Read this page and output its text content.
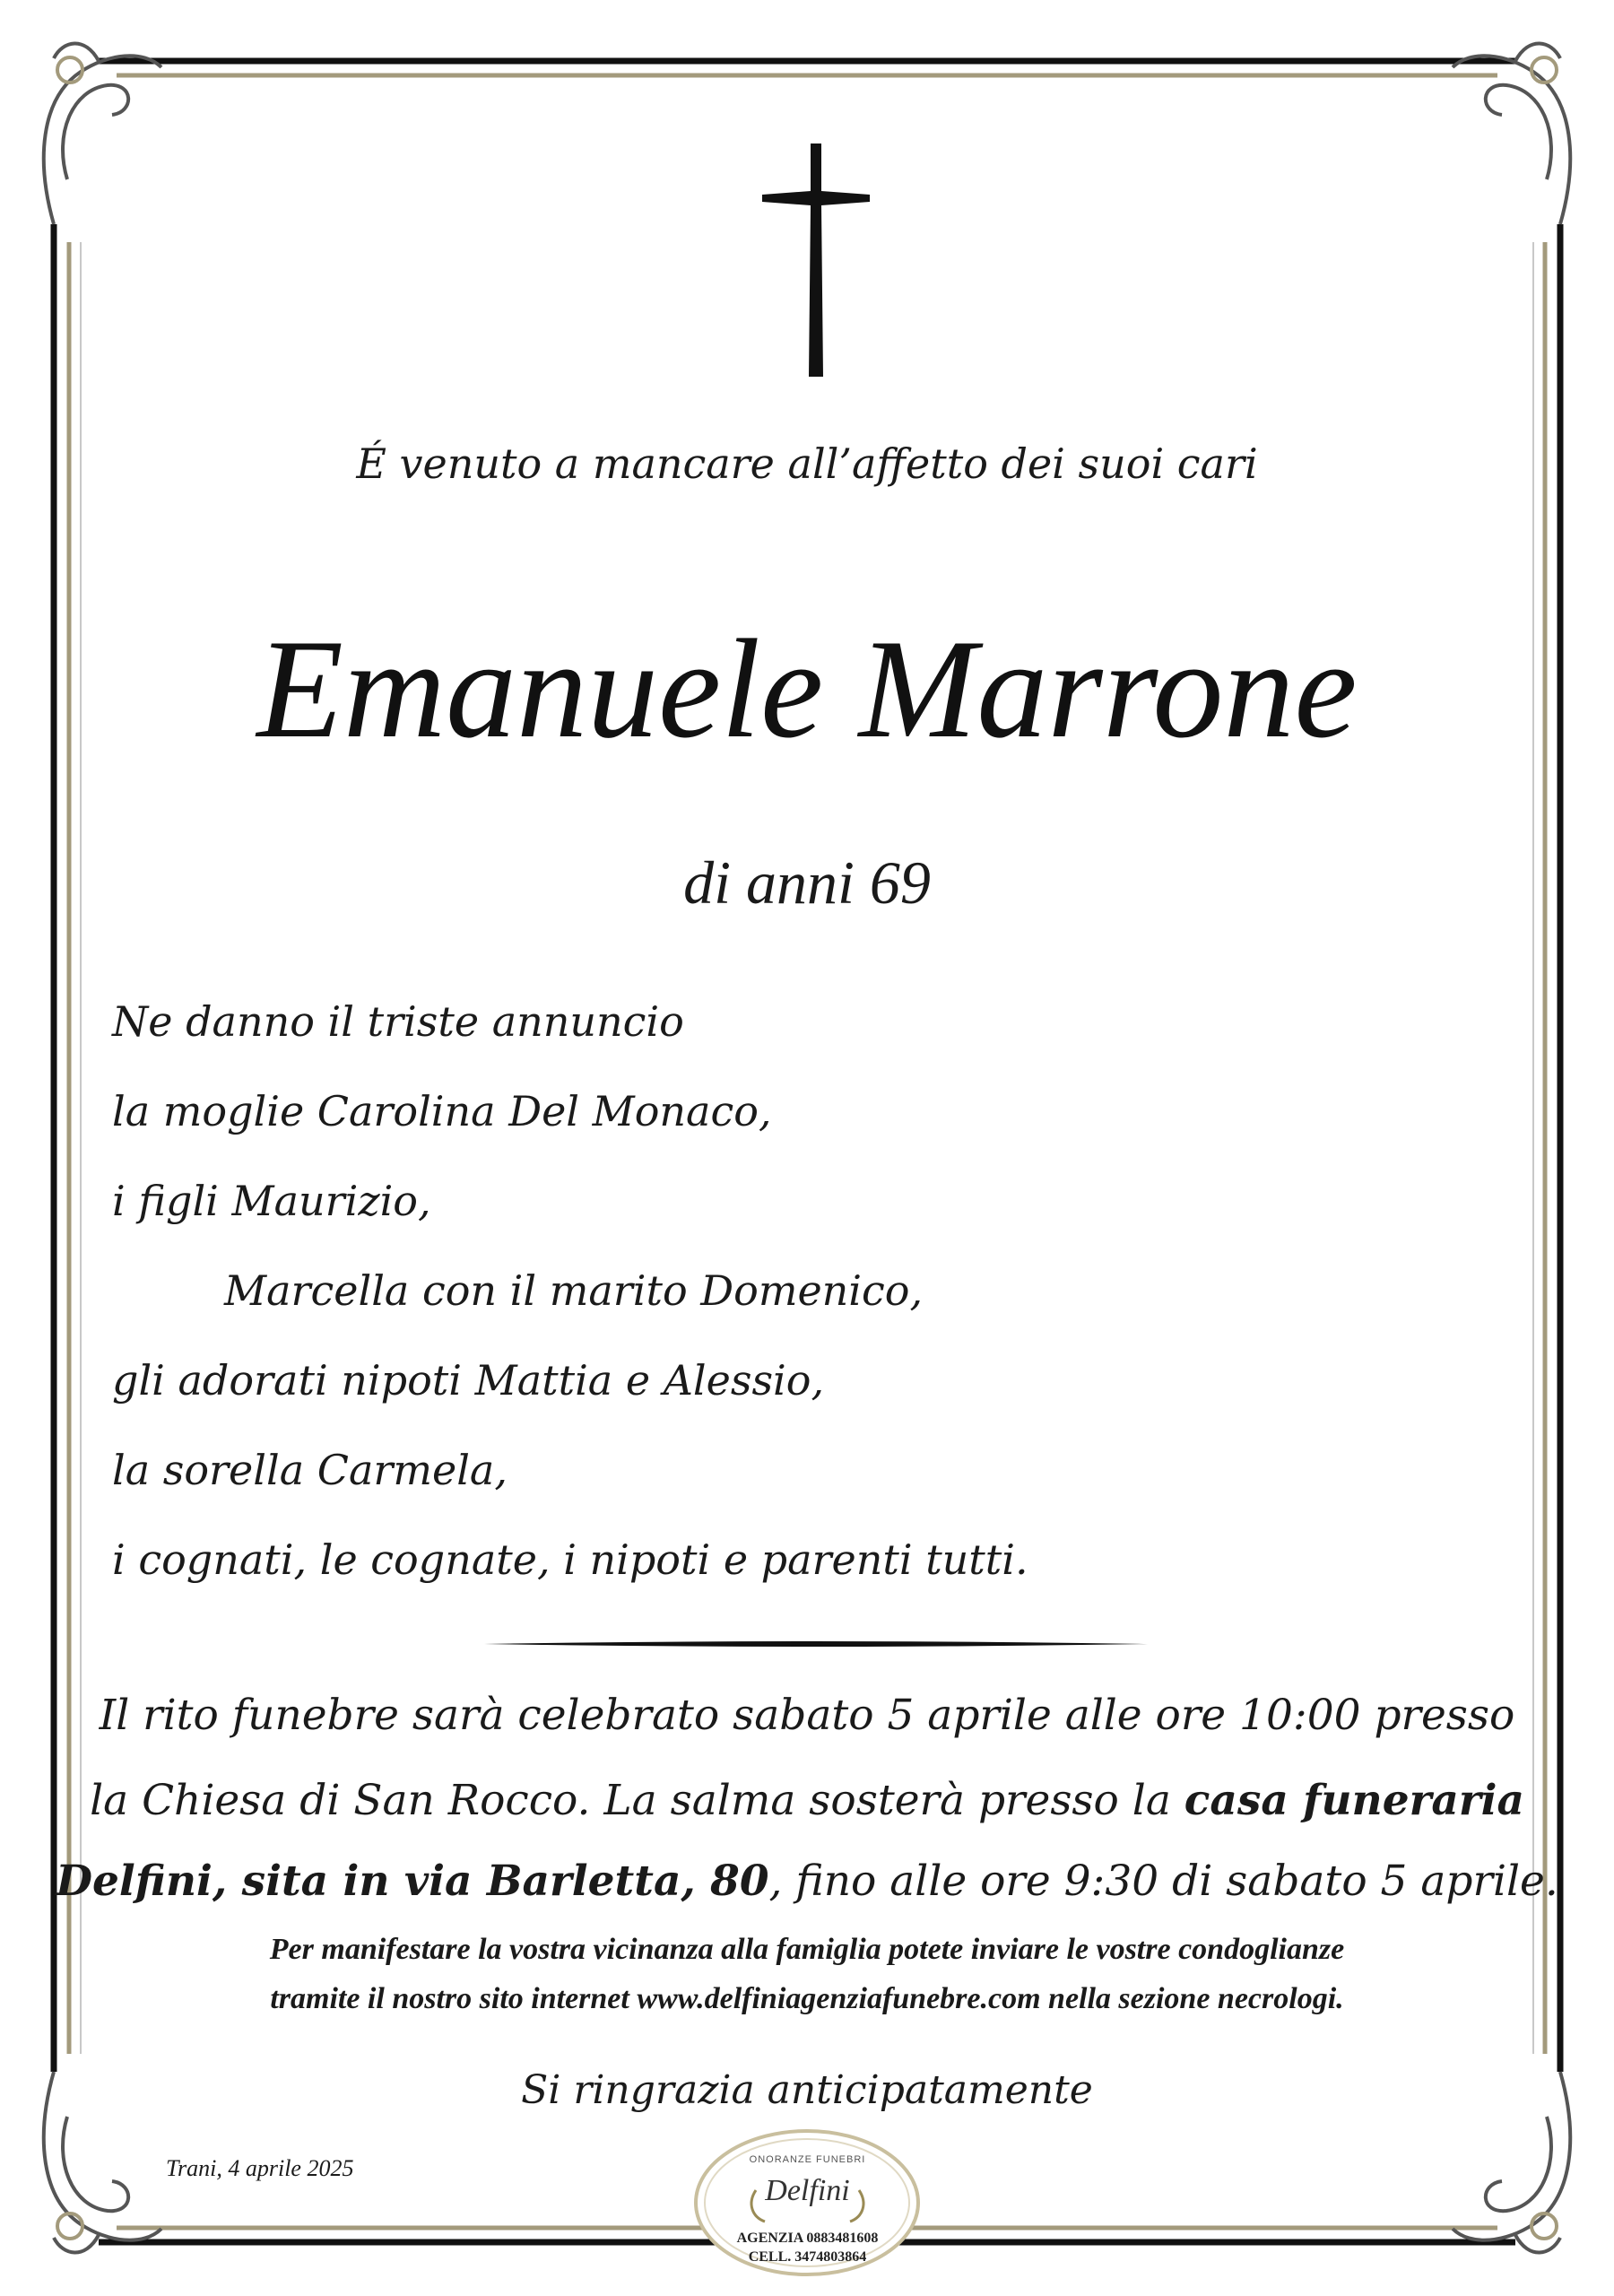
É venuto a mancare all’affetto dei suoi cari
Emanuele Marrone
di anni 69
Ne danno il triste annuncio
la moglie Carolina Del Monaco,
i figli Maurizio,
Marcella con il marito Domenico,
gli adorati nipoti Mattia e Alessio,
la sorella Carmela,
i cognati, le cognate, i nipoti e parenti tutti.
Il rito funebre sarà celebrato sabato 5 aprile alle ore 10:00 presso
la Chiesa di San Rocco. La salma sosterà presso la casa funeraria
Delfini, sita in via Barletta, 80, fino alle ore 9:30 di sabato 5 aprile.
Per manifestare la vostra vicinanza alla famiglia potete inviare le vostre condoglianze
tramite il nostro sito internet www.delfiniagenziafunebre.com nella sezione necrologi.
Si ringrazia anticipatamente
Trani, 4 aprile 2025	ONORANZE FUNEBRI
Delfini
AGENZIA 0883481608
CELL. 3474803864
